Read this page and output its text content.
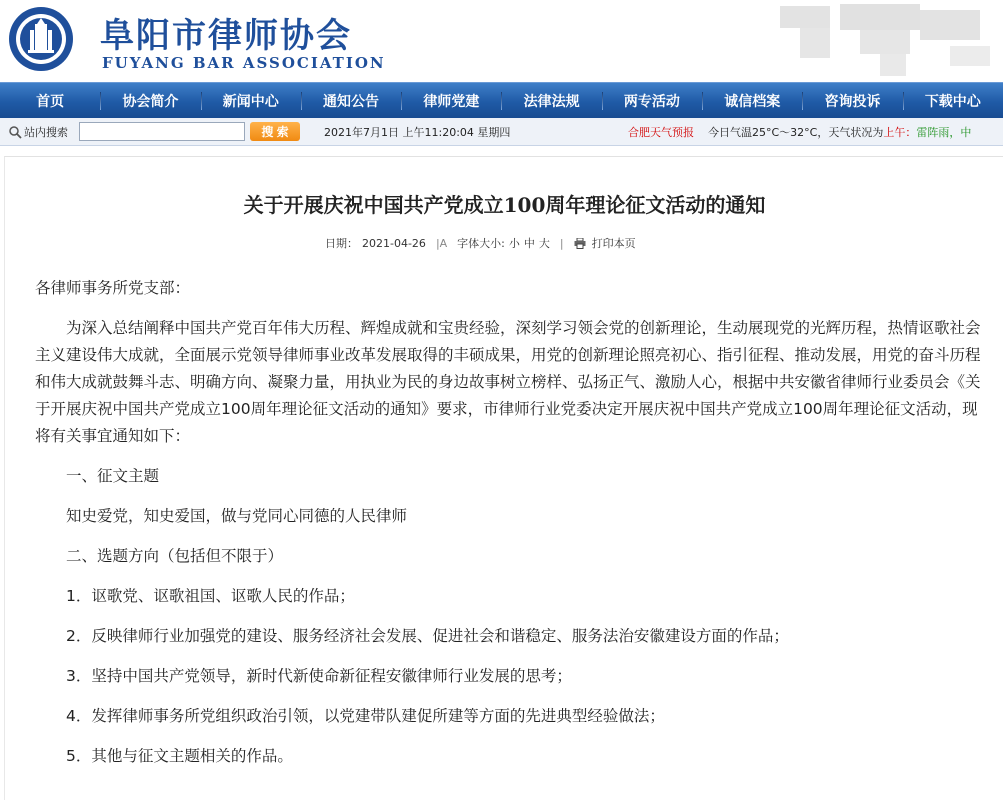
阜阳市律师协会
FUYANG BAR ASSOCIATION
首页	协会简介	新闻中心	通知公告	律师党建	法律法规	两专活动	诚信档案	咨询投诉	下载中心
站内搜索	搜 索	2021年7月1日 上午11:20:04 星期四	合肥天气预报 今日气温25°C～32°C，天气状况为上午：雷阵雨，中
关于开展庆祝中国共产党成立100周年理论征文活动的通知
日期： 2021-04-26 |A 字体大小: 小 中 大 |	打印本页

各律师事务所党支部：

为深入总结阐释中国共产党百年伟大历程、辉煌成就和宝贵经验，深刻学习领会党的创新理论，生动展现党的光辉历程，热情讴歌社会主义建设伟大成就，全面展示党领导律师事业改革发展取得的丰硕成果，用党的创新理论照亮初心、指引征程、推动发展，用党的奋斗历程和伟大成就鼓舞斗志、明确方向、凝聚力量，用执业为民的身边故事树立榜样、弘扬正气、激励人心，根据中共安徽省律师行业委员会《关于开展庆祝中国共产党成立100周年理论征文活动的通知》要求，市律师行业党委决定开展庆祝中国共产党成立100周年理论征文活动，现将有关事宜通知如下：

一、征文主题

知史爱党，知史爱国，做与党同心同德的人民律师

二、选题方向（包括但不限于）

1．讴歌党、讴歌祖国、讴歌人民的作品；

2．反映律师行业加强党的建设、服务经济社会发展、促进社会和谐稳定、服务法治安徽建设方面的作品；

3．坚持中国共产党领导，新时代新使命新征程安徽律师行业发展的思考；

4．发挥律师事务所党组织政治引领，以党建带队建促所建等方面的先进典型经验做法；

5．其他与征文主题相关的作品。
